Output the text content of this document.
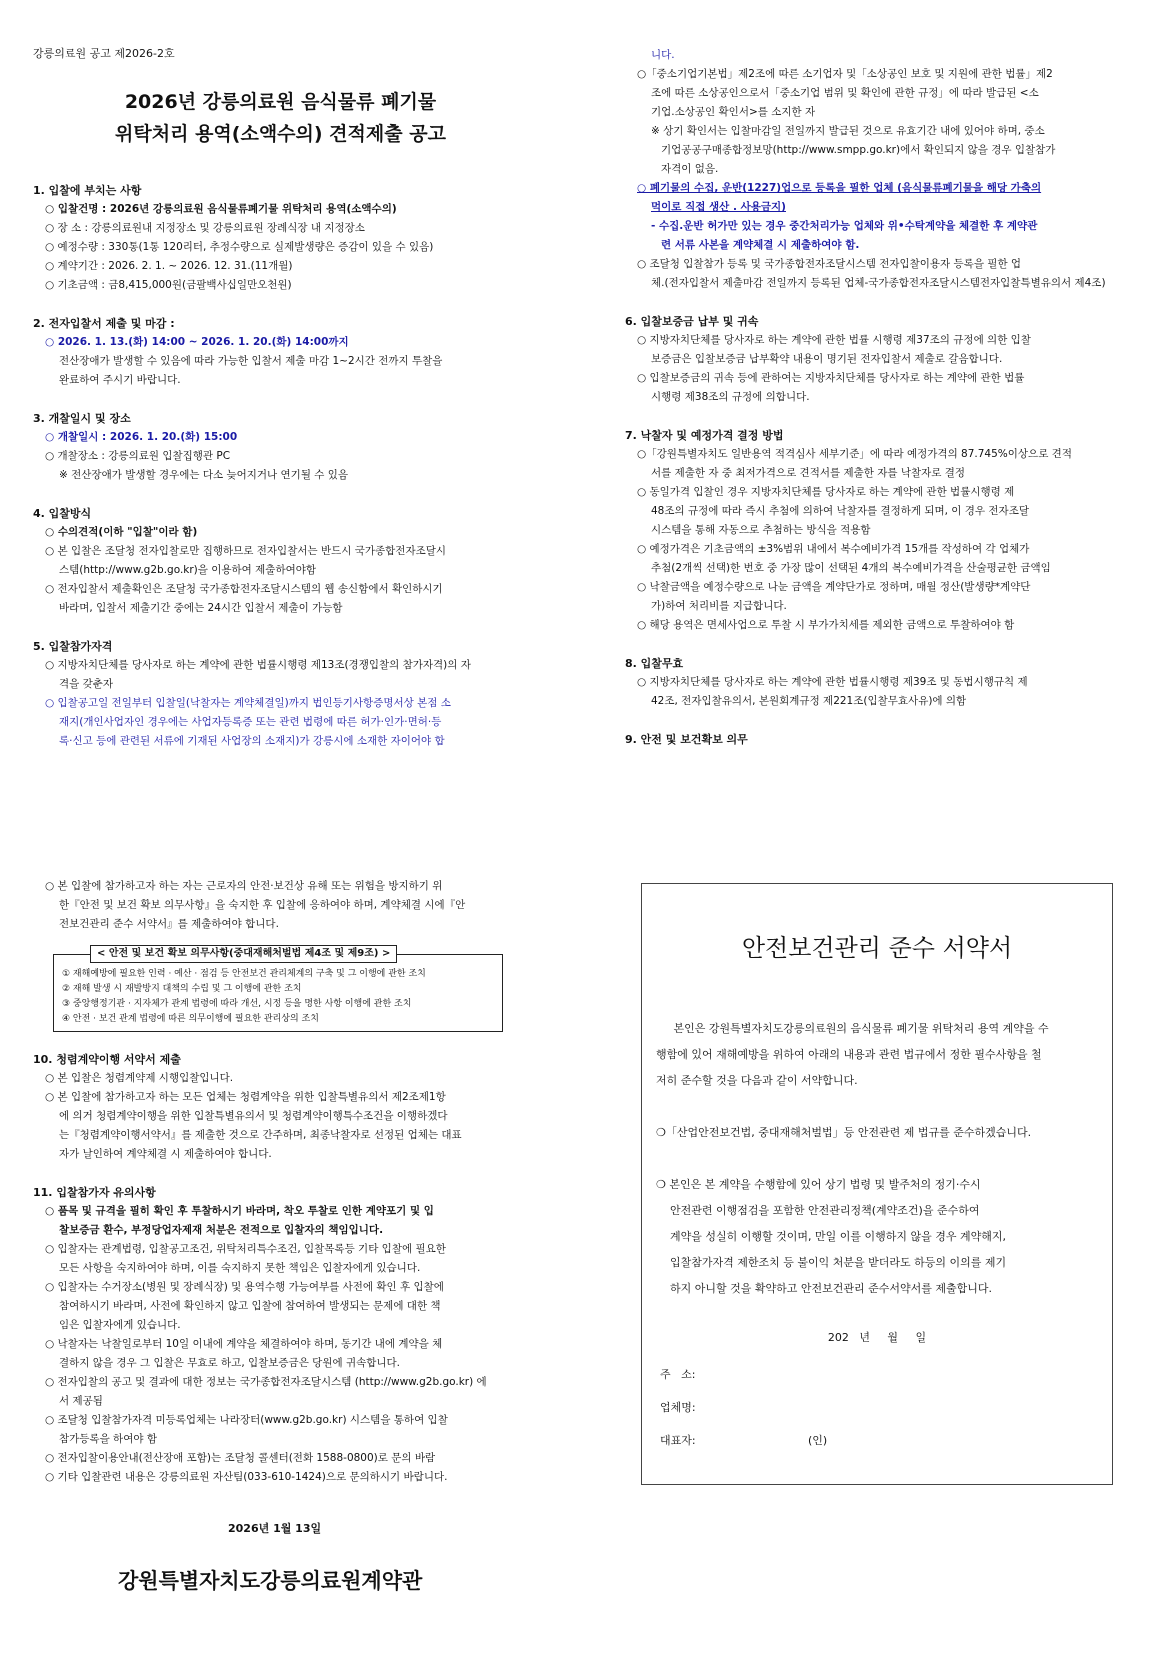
강릉의료원 공고 제2026-2호
2026년 강릉의료원 음식물류 폐기물
위탁처리 용역(소액수의) 견적제출 공고
1. 입찰에 부치는 사항
○ 입찰건명 : 2026년 강릉의료원 음식물류폐기물 위탁처리 용역(소액수의)
○ 장 소 : 강릉의료원내 지정장소 및 강릉의료원 장례식장 내 지정장소
○ 예정수량 : 330통(1통 120리터, 추정수량으로 실제발생량은 증감이 있을 수 있음)
○ 계약기간 : 2026. 2. 1. ~ 2026. 12. 31.(11개월)
○ 기초금액 : 금8,415,000원(금팔백사십일만오천원)
2. 전자입찰서 제출 및 마감 :
○ 2026. 1. 13.(화) 14:00 ~ 2026. 1. 20.(화) 14:00까지
전산장애가 발생할 수 있음에 따라 가능한 입찰서 제출 마감 1~2시간 전까지 투찰을
완료하여 주시기 바랍니다.
3. 개찰일시 및 장소
○ 개찰일시 : 2026. 1. 20.(화) 15:00
○ 개찰장소 : 강릉의료원 입찰집행관 PC
※ 전산장애가 발생할 경우에는 다소 늦어지거나 연기될 수 있음
4. 입찰방식
○ 수의견적(이하 "입찰"이라 함)
○ 본 입찰은 조달청 전자입찰로만 집행하므로 전자입찰서는 반드시 국가종합전자조달시
스템(http://www.g2b.go.kr)을 이용하여 제출하여야함
○ 전자입찰서 제출확인은 조달청 국가종합전자조달시스템의 웹 송신함에서 확인하시기
바라며, 입찰서 제출기간 중에는 24시간 입찰서 제출이 가능함
5. 입찰참가자격
○ 지방자치단체를 당사자로 하는 계약에 관한 법률시행령 제13조(경쟁입찰의 참가자격)의 자
격을 갖춘자
○ 입찰공고일 전일부터 입찰일(낙찰자는 계약체결일)까지 법인등기사항증명서상 본점 소
재지(개인사업자인 경우에는 사업자등록증 또는 관련 법령에 따른 허가·인가·면허·등
록·신고 등에 관련된 서류에 기재된 사업장의 소재지)가 강릉시에 소재한 자이어야 합
니다.
○「중소기업기본법」제2조에 따른 소기업자 및「소상공인 보호 및 지원에 관한 법률」제2
조에 따른 소상공인으로서「중소기업 범위 및 확인에 관한 규정」에 따라 발급된 <소
기업.소상공인 확인서>를 소지한 자
※ 상기 확인서는 입찰마감일 전일까지 발급된 것으로 유효기간 내에 있어야 하며, 중소
기업공공구매종합정보망(http://www.smpp.go.kr)에서 확인되지 않을 경우 입찰참가
자격이 없음.
○ 폐기물의 수집, 운반(1227)업으로 등록을 필한 업체 (음식물류폐기물을 해당 가축의
먹이로 직접 생산 . 사용금지)
- 수집.운반 허가만 있는 경우 중간처리가능 업체와 위•수탁계약을 체결한 후 계약관
련 서류 사본을 계약체결 시 제출하여야 함.
○ 조달청 입찰참가 등록 및 국가종합전자조달시스템 전자입찰이용자 등록을 필한 업
체.(전자입찰서 제출마감 전일까지 등록된 업체-국가종합전자조달시스템전자입찰특별유의서 제4조)
6. 입찰보증금 납부 및 귀속
○ 지방자치단체를 당사자로 하는 계약에 관한 법률 시행령 제37조의 규정에 의한 입찰
보증금은 입찰보증금 납부확약 내용이 명기된 전자입찰서 제출로 갈음합니다.
○ 입찰보증금의 귀속 등에 관하여는 지방자치단체를 당사자로 하는 계약에 관한 법률
시행령 제38조의 규정에 의합니다.
7. 낙찰자 및 예정가격 결정 방법
○「강원특별자치도 일반용역 적격심사 세부기준」에 따라 예정가격의 87.745%이상으로 견적
서를 제출한 자 중 최저가격으로 견적서를 제출한 자를 낙찰자로 결정
○ 동일가격 입찰인 경우 지방자치단체를 당사자로 하는 계약에 관한 법률시행령 제
48조의 규정에 따라 즉시 추첨에 의하여 낙찰자를 결정하게 되며, 이 경우 전자조달
시스템을 통해 자동으로 추첨하는 방식을 적용함
○ 예정가격은 기초금액의 ±3%범위 내에서 복수예비가격 15개를 작성하여 각 업체가
추첨(2개씩 선택)한 번호 중 가장 많이 선택된 4개의 복수예비가격을 산술평균한 금액임
○ 낙찰금액을 예정수량으로 나눈 금액을 계약단가로 정하며, 매월 정산(발생량*계약단
가)하여 처리비를 지급합니다.
○ 해당 용역은 면세사업으로 투찰 시 부가가치세를 제외한 금액으로 투찰하여야 함
8. 입찰무효
○ 지방자치단체를 당사자로 하는 계약에 관한 법률시행령 제39조 및 동법시행규칙 제
42조, 전자입찰유의서, 본원회계규정 제221조(입찰무효사유)에 의함
9. 안전 및 보건확보 의무
○ 본 입찰에 참가하고자 하는 자는 근로자의 안전·보건상 유해 또는 위험을 방지하기 위
한『안전 및 보건 확보 의무사항』을 숙지한 후 입찰에 응하여야 하며, 계약체결 시에『안
전보건관리 준수 서약서』를 제출하여야 합니다.
< 안전 및 보건 확보 의무사항(중대재해처벌법 제4조 및 제9조) >
① 재해예방에 필요한 인력 · 예산 · 점검 등 안전보건 관리체계의 구축 및 그 이행에 관한 조치
② 재해 발생 시 재발방지 대책의 수립 및 그 이행에 관한 조치
③ 중앙행정기관 · 지자체가 관계 법령에 따라 개선, 시정 등을 명한 사항 이행에 관한 조치
④ 안전 · 보건 관계 법령에 따른 의무이행에 필요한 관리상의 조치
10. 청렴계약이행 서약서 제출
○ 본 입찰은 청렴계약제 시행입찰입니다.
○ 본 입찰에 참가하고자 하는 모든 업체는 청렴계약을 위한 입찰특별유의서 제2조제1항
에 의거 청렴계약이행을 위한 입찰특별유의서 및 청렴계약이행특수조건을 이행하겠다
는『청렴계약이행서약서』를 제출한 것으로 간주하며, 최종낙찰자로 선정된 업체는 대표
자가 날인하여 계약체결 시 제출하여야 합니다.
11. 입찰참가자 유의사항
○ 품목 및 규격을 필히 확인 후 투찰하시기 바라며, 착오 투찰로 인한 계약포기 및 입
찰보증금 환수, 부정당업자제재 처분은 전적으로 입찰자의 책임입니다.
○ 입찰자는 관계법령, 입찰공고조건, 위탁처리특수조건, 입찰목록등 기타 입찰에 필요한
모든 사항을 숙지하여야 하며, 이를 숙지하지 못한 책임은 입찰자에게 있습니다.
○ 입찰자는 수거장소(병원 및 장례식장) 및 용역수행 가능여부를 사전에 확인 후 입찰에
참여하시기 바라며, 사전에 확인하지 않고 입찰에 참여하여 발생되는 문제에 대한 책
임은 입찰자에게 있습니다.
○ 낙찰자는 낙찰일로부터 10일 이내에 계약을 체결하여야 하며, 동기간 내에 계약을 체
결하지 않을 경우 그 입찰은 무효로 하고, 입찰보증금은 당원에 귀속합니다.
○ 전자입찰의 공고 및 결과에 대한 정보는 국가종합전자조달시스템 (http://www.g2b.go.kr) 에
서 제공됨
○ 조달청 입찰참가자격 미등록업체는 나라장터(www.g2b.go.kr) 시스템을 통하여 입찰
참가등록을 하여야 함
○ 전자입찰이용안내(전산장애 포함)는 조달청 콜센터(전화 1588-0800)로 문의 바람
○ 기타 입찰관련 내용은 강릉의료원 자산팀(033-610-1424)으로 문의하시기 바랍니다.
2026년 1월 13일
강원특별자치도강릉의료원계약관
안전보건관리 준수 서약서
본인은 강원특별자치도강릉의료원의 음식물류 폐기물 위탁처리 용역 계약을 수
행함에 있어 재해예방을 위하여 아래의 내용과 관련 법규에서 정한 필수사항을 철
저히 준수할 것을 다음과 같이 서약합니다.
❍「산업안전보건법, 중대재해처벌법」등 안전관련 제 법규를 준수하겠습니다.
❍ 본인은 본 계약을 수행함에 있어 상기 법령 및 발주처의 정기·수시
안전관련 이행점검을 포함한 안전관리정책(계약조건)을 준수하여
계약을 성실히 이행할 것이며, 만일 이를 이행하지 않을 경우 계약해지,
입찰참가자격 제한조치 등 불이익 처분을 받더라도 하등의 이의를 제기
하지 아니할 것을 확약하고 안전보건관리 준수서약서를 제출합니다.
202   년     월     일
주   소:
업체명:
대표자:	(인)
